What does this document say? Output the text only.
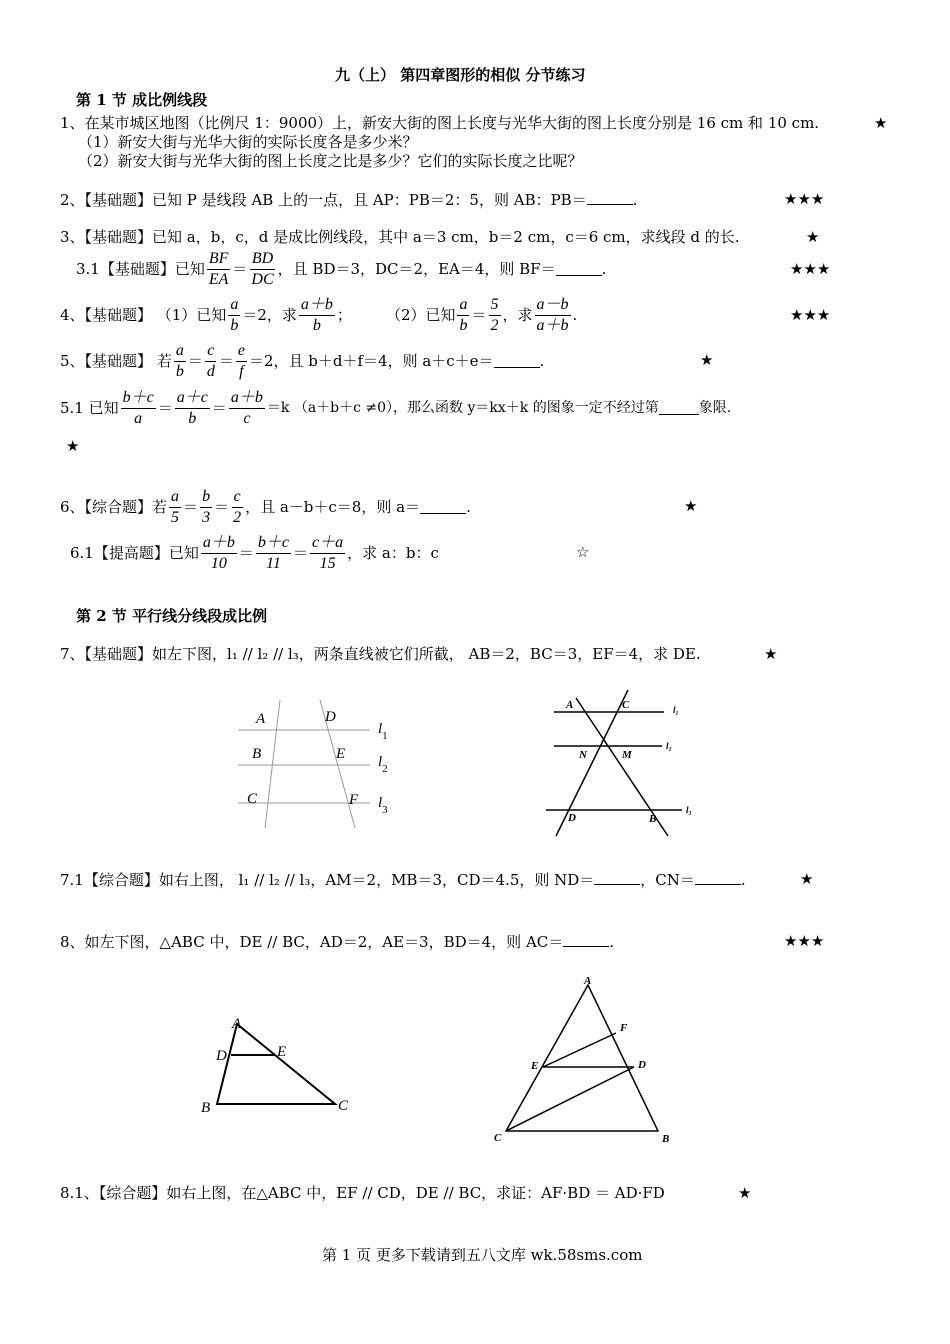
九（上） 第四章图形的相似 分节练习
第 1 节 成比例线段
1、在某市城区地图（比例尺 1：9000）上，新安大街的图上长度与光华大街的图上长度分别是 16 cm 和 10 cm.	★
（1）新安大街与光华大街的实际长度各是多少米？
（2）新安大街与光华大街的图上长度之比是多少？它们的实际长度之比呢？
2、【基础题】已知 P 是线段 AB 上的一点，且 AP：PB＝2：5，则 AB：PB＝	.	★★★
3、【基础题】已知 a，b，c，d 是成比例线段，其中 a＝3 cm，b＝2 cm，c＝6 cm，求线段 d 的长.	★
3.1【基础题】已知 $\frac{BF}{EA} = \frac{BD}{DC}$ ，且 BD＝3，DC＝2，EA＝4，则 BF＝	.	★★★
4、【基础题】 （1）已知 $\frac{a}{b} =2$，求 $\frac{a+b}{b}$ ； （2）已知 $\frac{a}{b} = \frac{5}{2}$ ，求 $\frac{a-b}{a+b}$ .	★★★
5、【基础题】 若 $\frac{a}{b} = \frac{c}{d} = \frac{e}{f} =2$，且 b＋d＋f＝4，则 a＋c＋e＝	.	★
5.1 已知 $\frac{b+c}{a} = \frac{a+c}{b} = \frac{a+b}{c} =k$ （a＋b＋c ≠0），那么函数 y＝kx＋k 的图象一定不经过第	象限.
★
6、【综合题】若 $\frac{a}{5} = \frac{b}{3} = \frac{c}{2}$ ，且 a－b＋c＝8，则 a＝	.	★
6.1【提高题】已知 $\frac{a+b}{10} = \frac{b+c}{11} = \frac{c+a}{15}$ ，求 a：b：c	☆
第 2 节 平行线分线段成比例
7、【基础题】如左下图，l₁ // l₂ // l₃，两条直线被它们所截， AB＝2，BC＝3，EF＝4，求 DE.	★
A
B
C
D
E
F
$l_1$
$l_2$
$l_3$
A	C
N	M
D	B
l₁
l₂
l₃
7.1【综合题】如右上图， l₁ // l₂ // l₃，AM＝2，MB＝3，CD＝4.5，则 ND＝	，CN＝	.	★
8、如左下图，△ABC 中，DE // BC，AD＝2，AE＝3，BD＝4，则 AC＝	.	★★★
A
D	E
B	C
A
F
E	D
C	B
8.1、【综合题】如右上图，在△ABC 中，EF // CD，DE // BC，求证：AF·BD ＝ AD·FD	★
第 1 页 更多下载请到五八文库 wk.58sms.com
